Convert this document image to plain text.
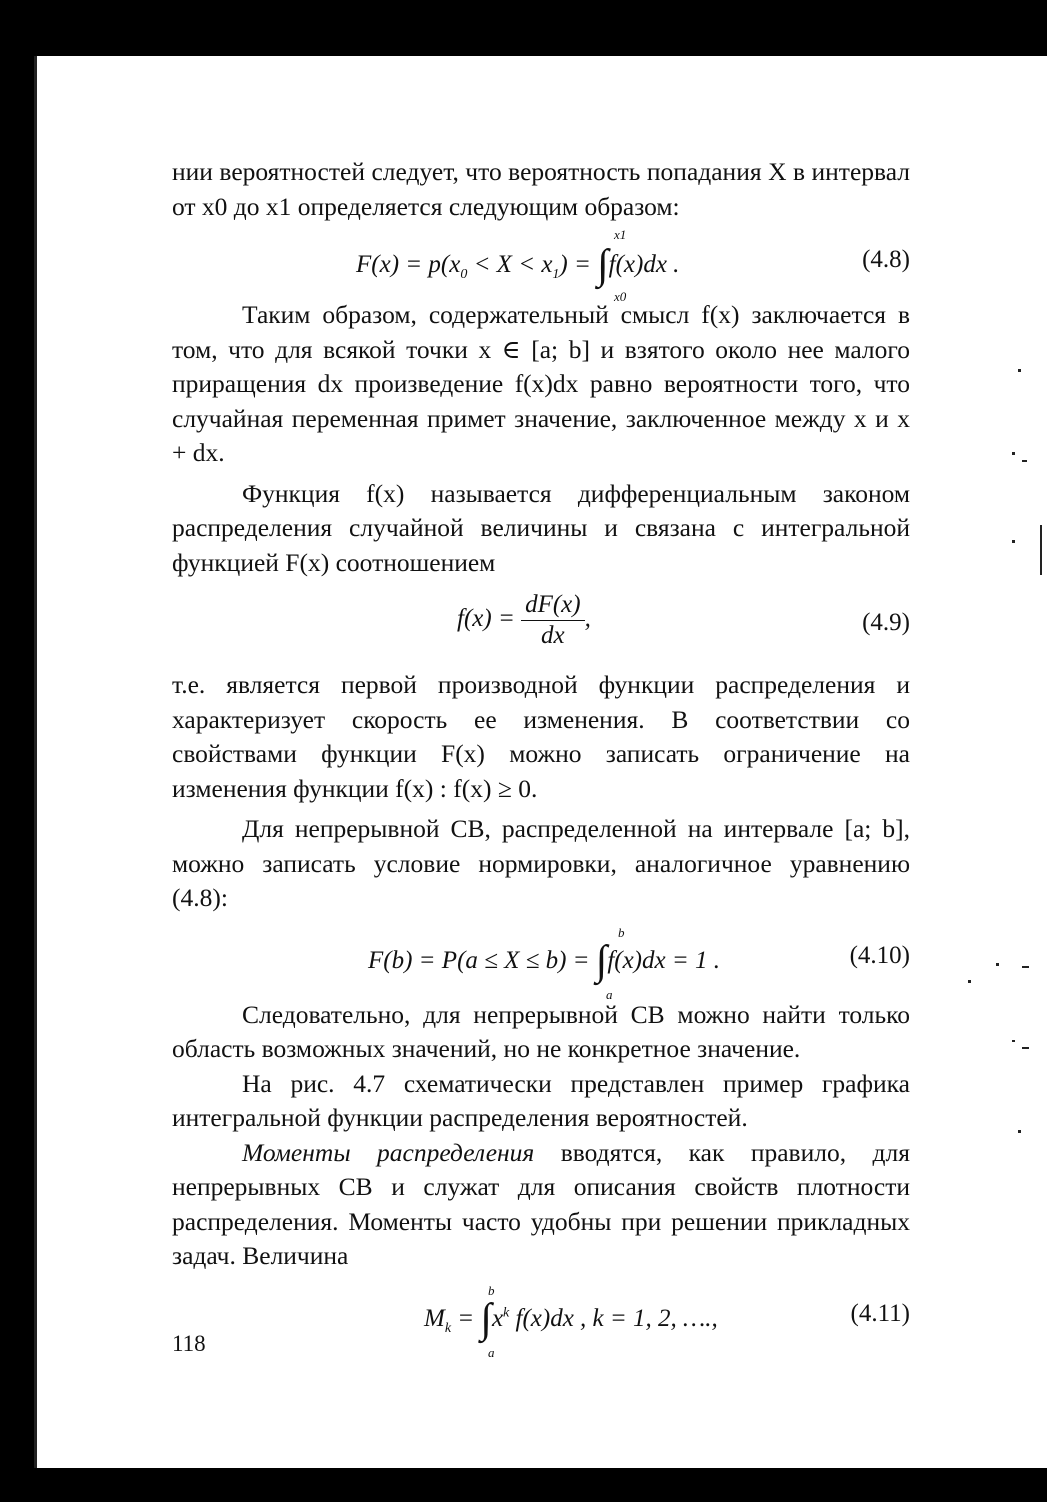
нии вероятностей следует, что вероятность попадания X в интервал от x0 до x1 определяется следующим образом:

$F(x) = p(x_0 < X < x_1) = \int f(x)dx$ .
x1
x0
(4.8)

Таким образом, содержательный смысл f(x) заключается в том, что для всякой точки x ∈ [a; b] и взятого около нее малого приращения dx произведение f(x)dx равно вероятности того, что случайная переменная примет значение, заключенное между x и x + dx.

Функция f(x) называется дифференциальным законом распределения случайной величины и связана с интегральной функцией F(x) соотношением

$f(x) = \frac{dF(x)}{dx}$ ,	(4.9)

т.е. является первой производной функции распределения и характеризует скорость ее изменения. В соответствии со свойствами функции F(x) можно записать ограничение на изменения функции f(x) : f(x) ≥ 0.

Для непрерывной СВ, распределенной на интервале [a; b], можно записать условие нормировки, аналогичное уравнению (4.8):

F(b) = P(a ≤ X ≤ b) = ∫f(x)dx = 1 .
b
a
(4.10)

Следовательно, для непрерывной СВ можно найти только область возможных значений, но не конкретное значение.

На рис. 4.7 схематически представлен пример графика интегральной функции распределения вероятностей.

Моменты распределения вводятся, как правило, для непрерывных СВ и служат для описания свойств плотности распределения. Моменты часто удобны при решении прикладных задач. Величина

$M_k = \int x^k$ f(x)dx , k = 1, 2, ….,
b
a
(4.11)
118
